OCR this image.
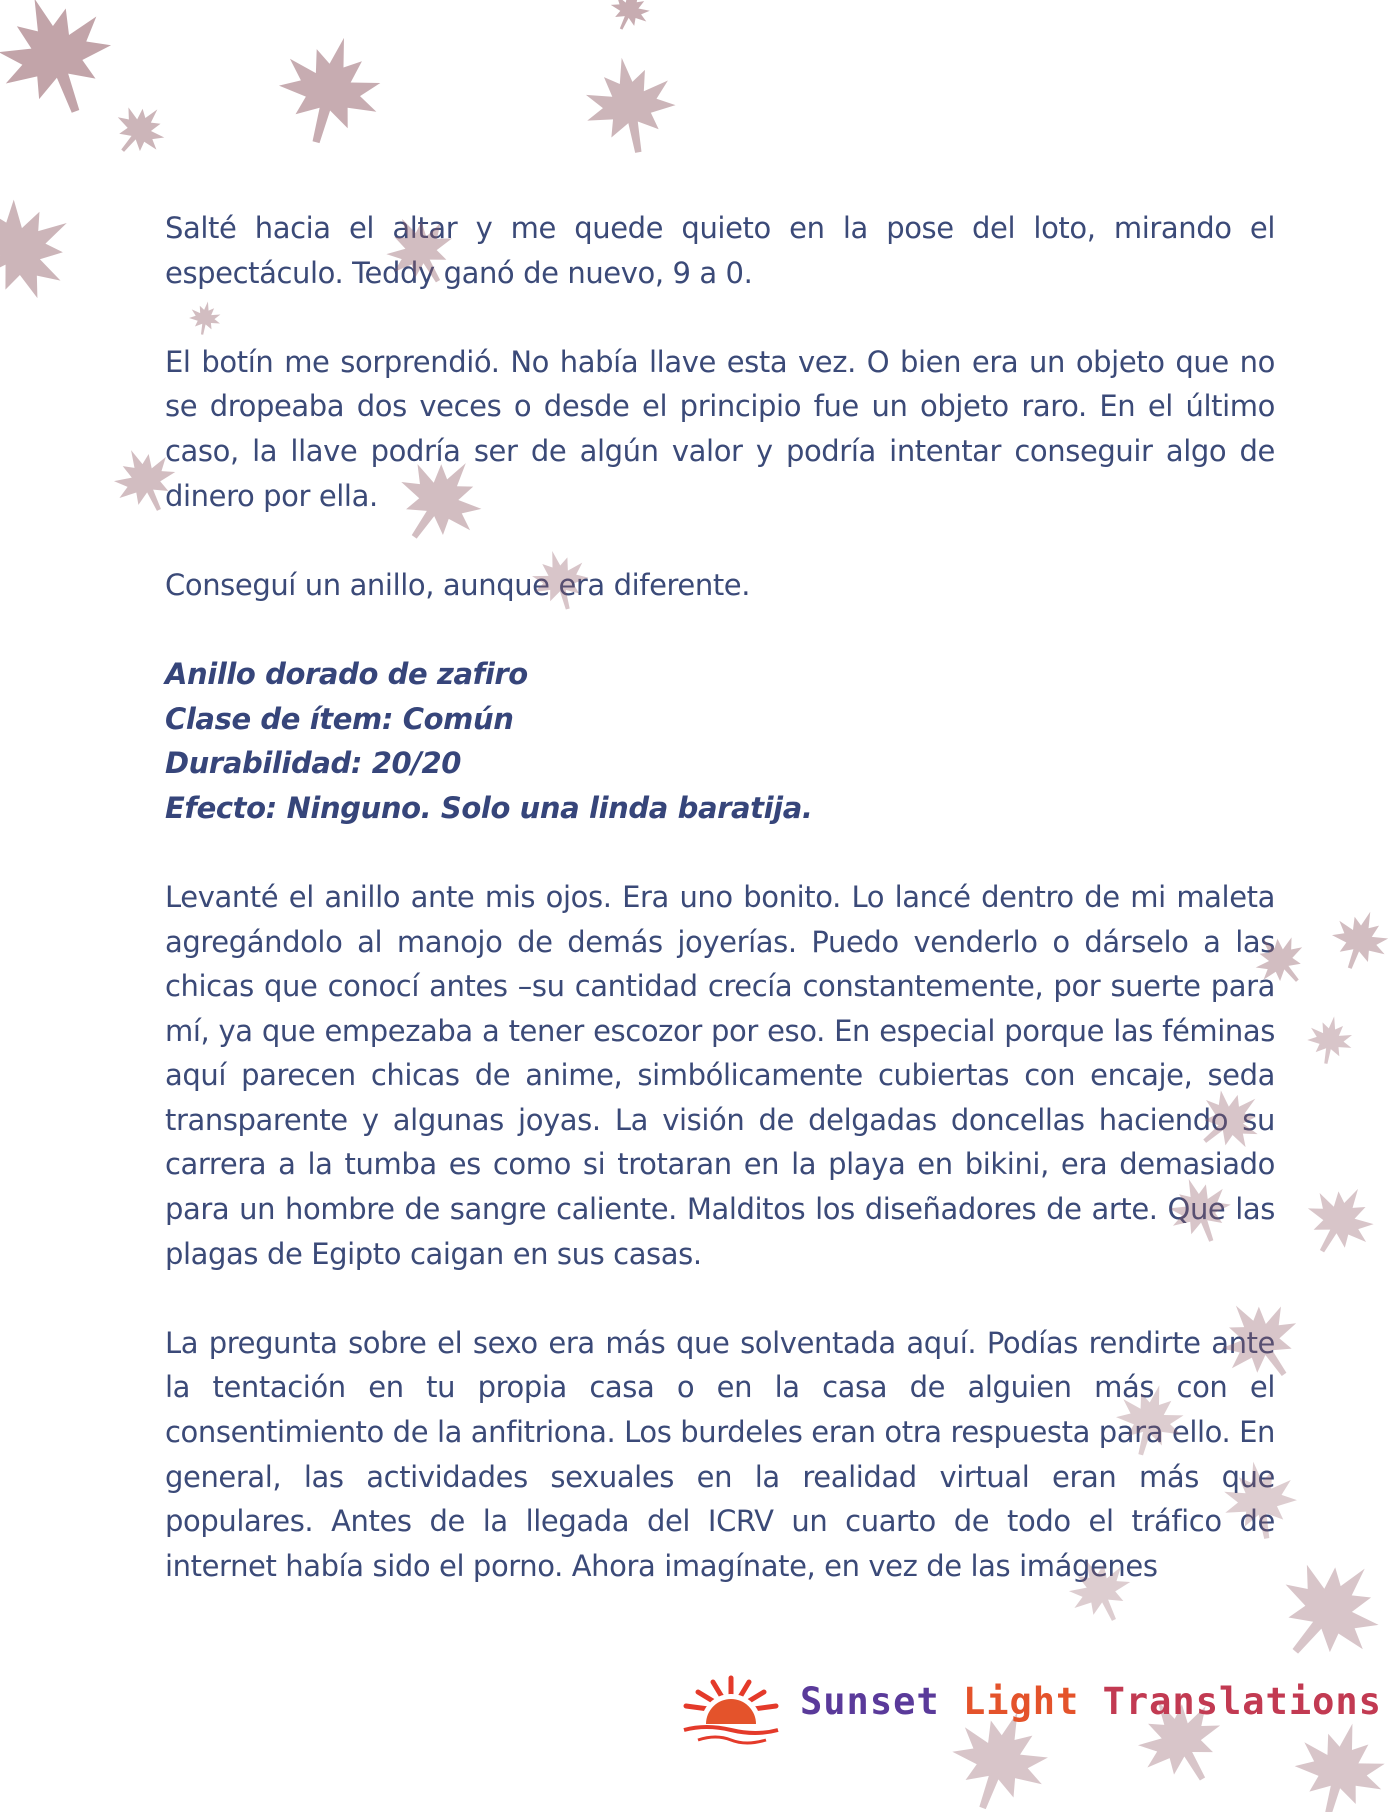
Salté hacia el altar y me quede quieto en la pose del loto, mirando el espectáculo. Teddy ganó de nuevo, 9 a 0.

El botín me sorprendió. No había llave esta vez. O bien era un objeto que no se dropeaba dos veces o desde el principio fue un objeto raro. En el último caso, la llave podría ser de algún valor y podría intentar conseguir algo de dinero por ella.

Conseguí un anillo, aunque era diferente.

Anillo dorado de zafiro
Clase de ítem: Común
Durabilidad: 20/20
Efecto: Ninguno. Solo una linda baratija.

Levanté el anillo ante mis ojos. Era uno bonito. Lo lancé dentro de mi maleta agregándolo al manojo de demás joyerías. Puedo venderlo o dárselo a las chicas que conocí antes –su cantidad crecía constantemente, por suerte para mí, ya que empezaba a tener escozor por eso. En especial porque las féminas aquí parecen chicas de anime, simbólicamente cubiertas con encaje, seda transparente y algunas joyas. La visión de delgadas doncellas haciendo su carrera a la tumba es como si trotaran en la playa en bikini, era demasiado para un hombre de sangre caliente. Malditos los diseñadores de arte. Que las plagas de Egipto caigan en sus casas.

La pregunta sobre el sexo era más que solventada aquí. Podías rendirte ante la tentación en tu propia casa o en la casa de alguien más con el consentimiento de la anfitriona. Los burdeles eran otra respuesta para ello. En general, las actividades sexuales en la realidad virtual eran más que populares. Antes de la llegada del ICRV un cuarto de todo el tráfico de internet había sido el porno. Ahora imagínate, en vez de las imágenes

Sunset Light Translations
